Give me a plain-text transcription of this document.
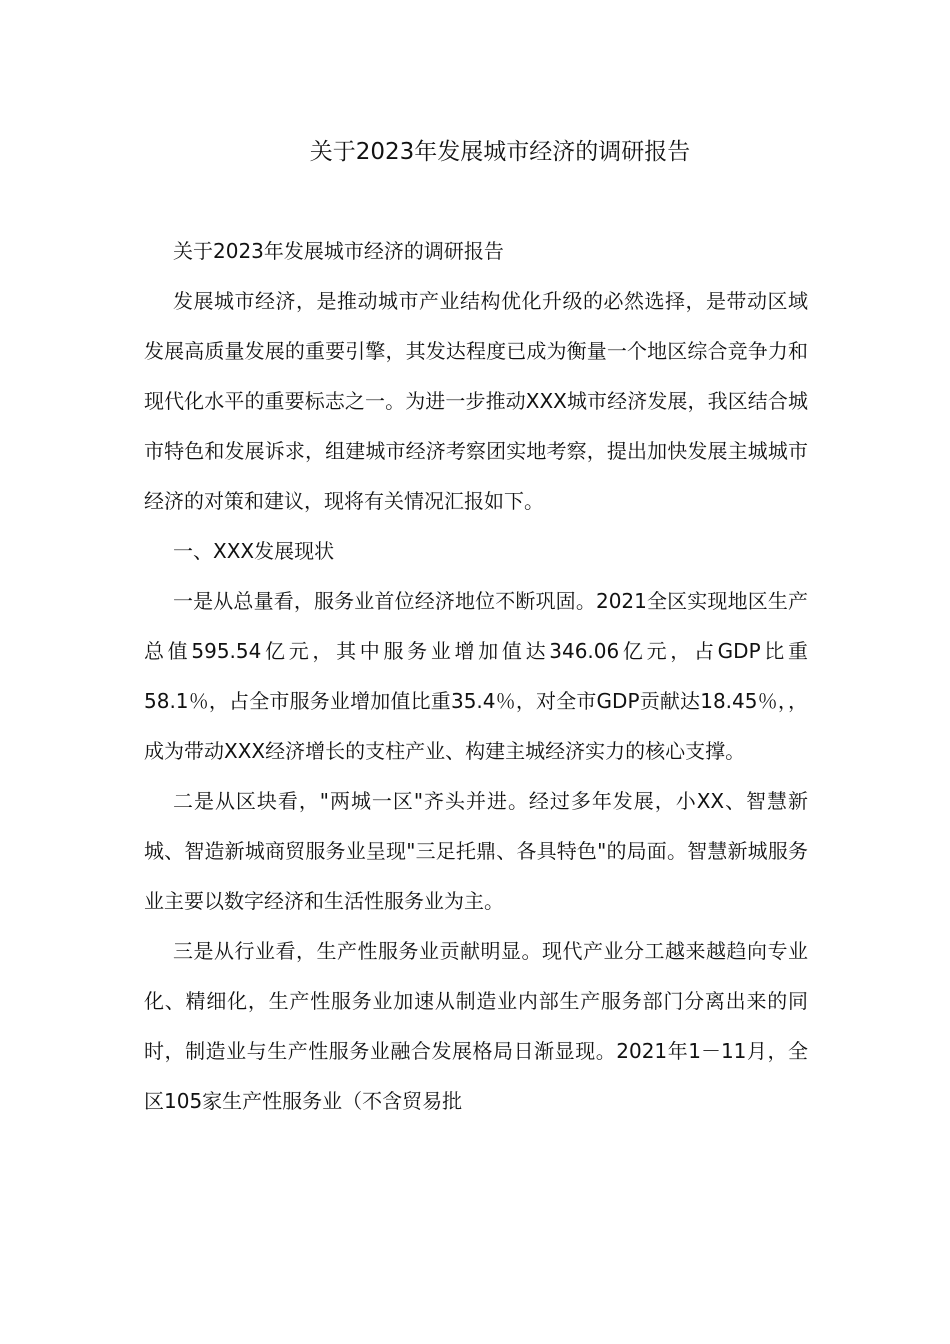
关于2023年发展城市经济的调研报告

关于2023年发展城市经济的调研报告

发展城市经济，是推动城市产业结构优化升级的必然选择，是带动区域发展高质量发展的重要引擎，其发达程度已成为衡量一个地区综合竞争力和现代化水平的重要标志之一。为进一步推动XXX城市经济发展，我区结合城市特色和发展诉求，组建城市经济考察团实地考察，提出加快发展主城城市经济的对策和建议，现将有关情况汇报如下。

一、XXX发展现状

一是从总量看，服务业首位经济地位不断巩固。2021全区实现地区生产总值595.54亿元，其中服务业增加值达346.06亿元，占GDP比重58.1％，占全市服务业增加值比重35.4％，对全市GDP贡献达18.45％，，成为带动XXX经济增长的支柱产业、构建主城经济实力的核心支撑。

二是从区块看，"两城一区"齐头并进。经过多年发展，小XX、智慧新城、智造新城商贸服务业呈现"三足托鼎、各具特色"的局面。智慧新城服务业主要以数字经济和生活性服务业为主。

三是从行业看，生产性服务业贡献明显。现代产业分工越来越趋向专业化、精细化，生产性服务业加速从制造业内部生产服务部门分离出来的同时，制造业与生产性服务业融合发展格局日渐显现。2021年1－11月，全区105家生产性服务业（不含贸易批
